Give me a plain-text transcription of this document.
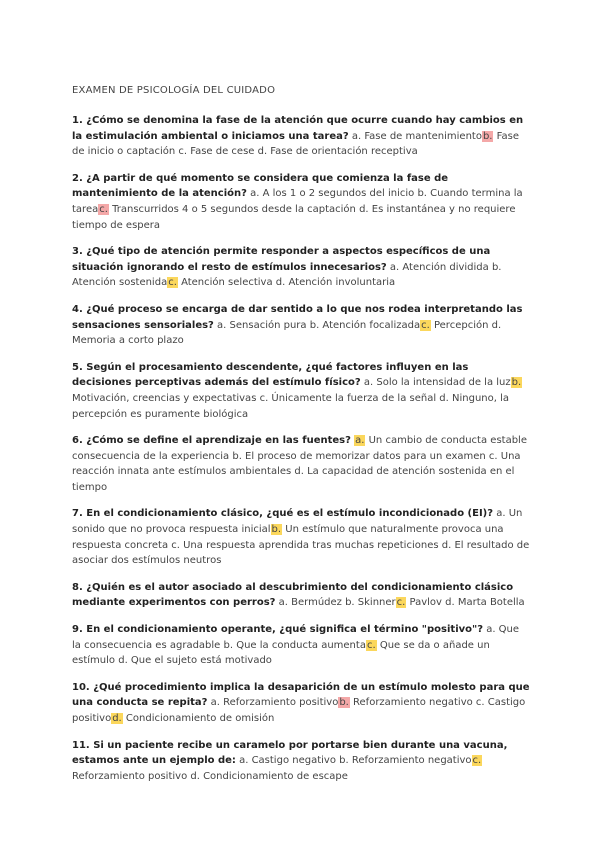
EXAMEN DE PSICOLOGÍA DEL CUIDADO

1. ¿Cómo se denomina la fase de la atención que ocurre cuando hay cambios en la estimulación ambiental o iniciamos una tarea? a. Fase de mantenimientob. Fase de inicio o captación c. Fase de cese d. Fase de orientación receptiva

2. ¿A partir de qué momento se considera que comienza la fase de mantenimiento de la atención? a. A los 1 o 2 segundos del inicio b. Cuando termina la tareac. Transcurridos 4 o 5 segundos desde la captación d. Es instantánea y no requiere tiempo de espera

3. ¿Qué tipo de atención permite responder a aspectos específicos de una situación ignorando el resto de estímulos innecesarios? a. Atención dividida b. Atención sostenidac. Atención selectiva d. Atención involuntaria

4. ¿Qué proceso se encarga de dar sentido a lo que nos rodea interpretando las sensaciones sensoriales? a. Sensación pura b. Atención focalizadac. Percepción d. Memoria a corto plazo

5. Según el procesamiento descendente, ¿qué factores influyen en las decisiones perceptivas además del estímulo físico? a. Solo la intensidad de la luzb. Motivación, creencias y expectativas c. Únicamente la fuerza de la señal d. Ninguno, la percepción es puramente biológica

6. ¿Cómo se define el aprendizaje en las fuentes? a. Un cambio de conducta estable consecuencia de la experiencia b. El proceso de memorizar datos para un examen c. Una reacción innata ante estímulos ambientales d. La capacidad de atención sostenida en el tiempo

7. En el condicionamiento clásico, ¿qué es el estímulo incondicionado (EI)? a. Un sonido que no provoca respuesta inicialb. Un estímulo que naturalmente provoca una respuesta concreta c. Una respuesta aprendida tras muchas repeticiones d. El resultado de asociar dos estímulos neutros

8. ¿Quién es el autor asociado al descubrimiento del condicionamiento clásico mediante experimentos con perros? a. Bermúdez b. Skinnerc. Pavlov d. Marta Botella

9. En el condicionamiento operante, ¿qué significa el término "positivo"? a. Que la consecuencia es agradable b. Que la conducta aumentac. Que se da o añade un estímulo d. Que el sujeto está motivado

10. ¿Qué procedimiento implica la desaparición de un estímulo molesto para que una conducta se repita? a. Reforzamiento positivob. Reforzamiento negativo c. Castigo positivod. Condicionamiento de omisión

11. Si un paciente recibe un caramelo por portarse bien durante una vacuna, estamos ante un ejemplo de: a. Castigo negativo b. Reforzamiento negativoc. Reforzamiento positivo d. Condicionamiento de escape
